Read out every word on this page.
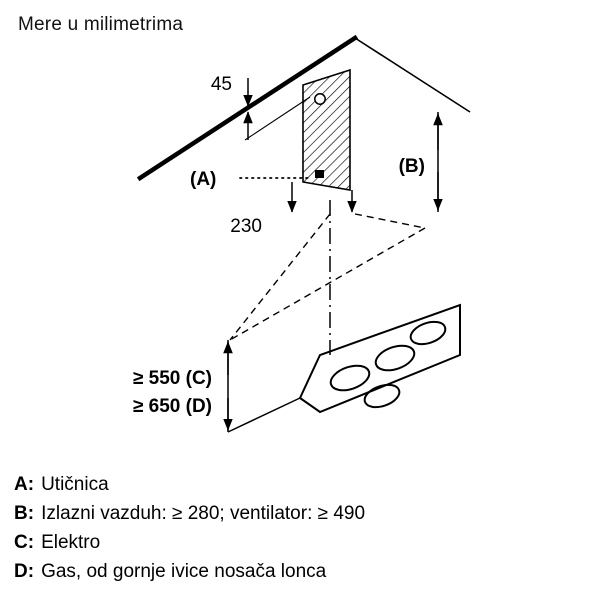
Mere u milimetrima
45
(A)
230
(B)
≥ 550 (C)
≥ 650 (D)
A: Utičnica
B: Izlazni vazduh: ≥ 280; ventilator: ≥ 490
C: Elektro
D: Gas, od gornje ivice nosača lonca
